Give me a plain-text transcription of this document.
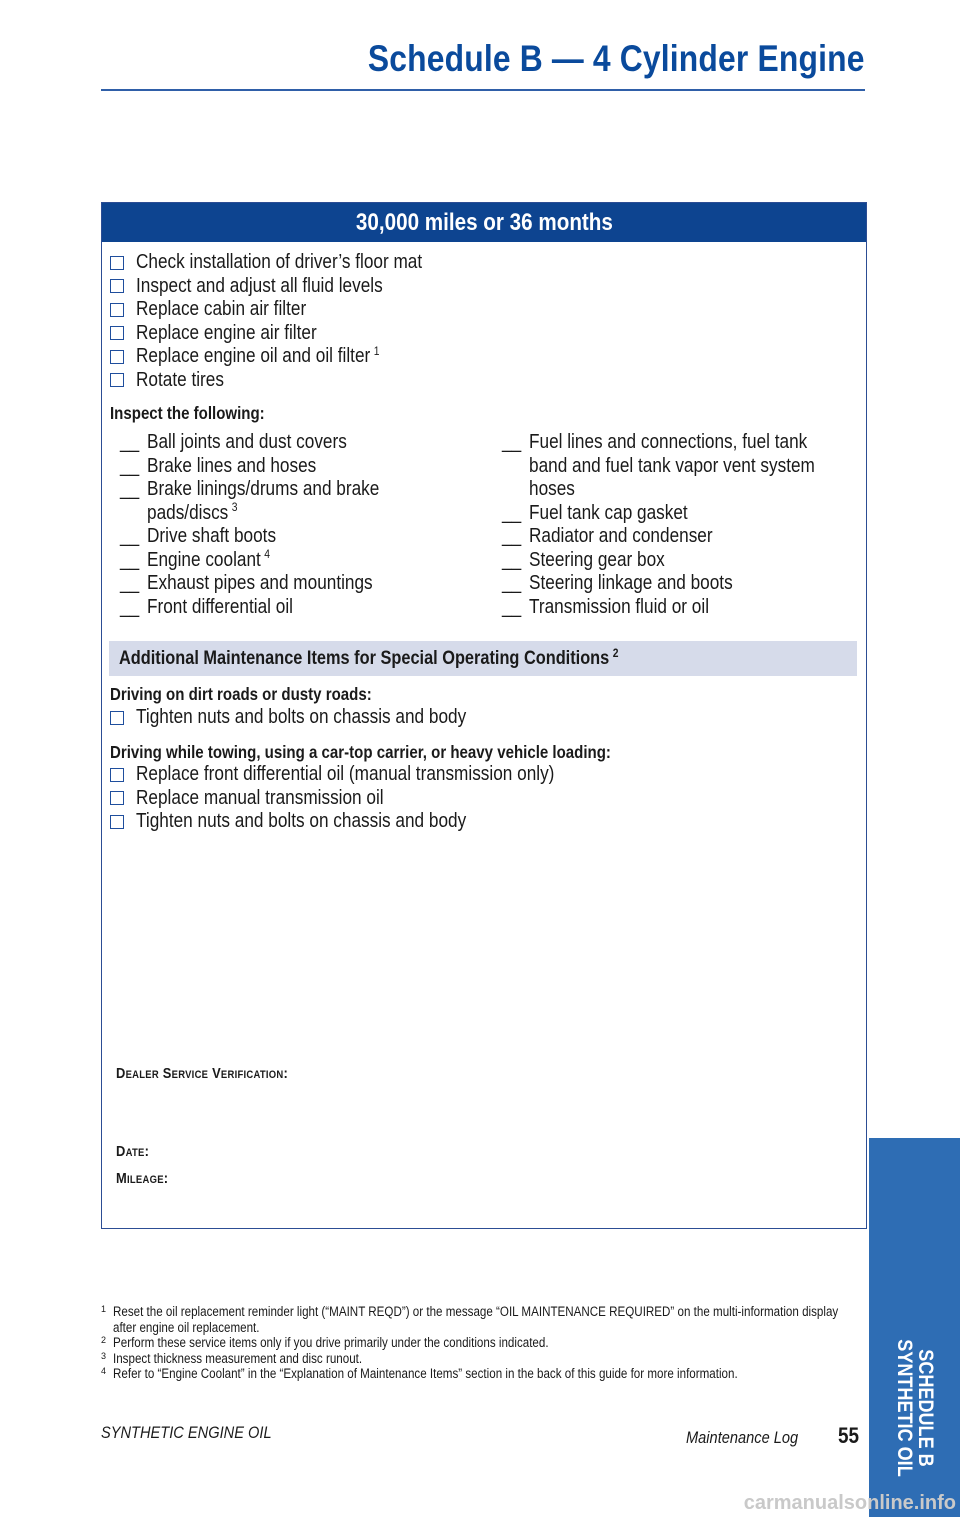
Schedule B — 4 Cylinder Engine
30,000 miles or 36 months
Check installation of driver’s floor mat
Inspect and adjust all fluid levels
Replace cabin air filter
Replace engine air filter
Replace engine oil and oil filter $^1$
Rotate tires
Inspect the following:
__ Ball joints and dust covers
__ Brake lines and hoses
__ Brake linings/drums and brake
pads/discs $^3$
__ Drive shaft boots
__ Engine coolant $^4$
__ Exhaust pipes and mountings
__ Front differential oil
__ Fuel lines and connections, fuel tank
band and fuel tank vapor vent system
hoses
__ Fuel tank cap gasket
__ Radiator and condenser
__ Steering gear box
__ Steering linkage and boots
__ Transmission fluid or oil
Additional Maintenance Items for Special Operating Conditions $^2$
Driving on dirt roads or dusty roads:
Tighten nuts and bolts on chassis and body
Driving while towing, using a car-top carrier, or heavy vehicle loading:
Replace front differential oil (manual transmission only)
Replace manual transmission oil
Tighten nuts and bolts on chassis and body
Dealer Service Verification:
Date:
Mileage:
1 Reset the oil replacement reminder light (“MAINT REQD”) or the message “OIL MAINTENANCE REQUIRED” on the multi-information display after engine oil replacement.
2 Perform these service items only if you drive primarily under the conditions indicated.
3 Inspect thickness measurement and disc runout.
4 Refer to “Engine Coolant” in the “Explanation of Maintenance Items” section in the back of this guide for more information.
SYNTHETIC ENGINE OIL	Maintenance Log	55	SCHEDULE B
SYNTHETIC OIL
carmanualsonline.info
